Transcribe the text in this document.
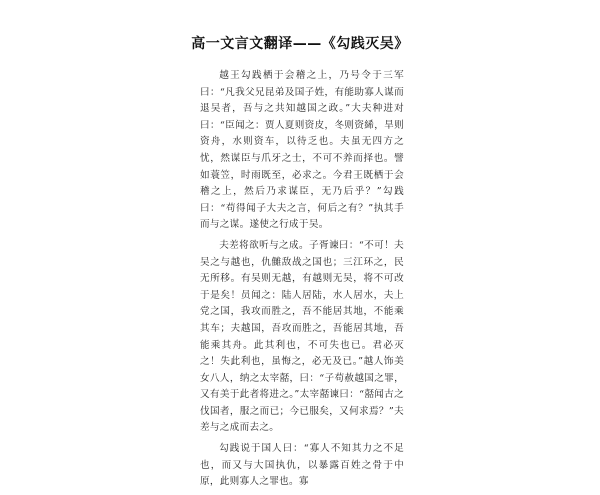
高一文言文翻译——《勾践灭吴》

越王勾践栖于会稽之上，乃号令于三军曰：“凡我父兄昆弟及国子姓，有能助寡人谋而退吴者，吾与之共知越国之政。”大夫种进对曰：“臣闻之：贾人夏则资皮，冬则资絺，旱则资舟，水则资车，以待乏也。夫虽无四方之忧，然谋臣与爪牙之士，不可不养而择也。譬如蓑笠，时雨既至，必求之。今君王既栖于会稽之上，然后乃求谋臣，无乃后乎？”勾践曰：“苟得闻子大夫之言，何后之有？”执其手而与之谋。遂使之行成于吴。

夫差将欲听与之成。子胥谏曰：“不可！夫吴之与越也，仇雠敌战之国也；三江环之，民无所移。有吴则无越，有越则无吴，将不可改于是矣！员闻之：陆人居陆，水人居水，夫上党之国，我攻而胜之，吾不能居其地，不能乘其车；夫越国，吾攻而胜之，吾能居其地，吾能乘其舟。此其利也，不可失也已。君必灭之！失此利也，虽悔之，必无及已。”越人饰美女八人，纳之太宰嚭，曰：“子苟赦越国之罪，又有美于此者将进之。”太宰嚭谏曰：“嚭闻古之伐国者，服之而已；今已服矣，又何求焉？”夫差与之成而去之。

勾践说于国人曰：“寡人不知其力之不足也，而又与大国执仇，以暴露百姓之骨于中原，此则寡人之罪也。寡
